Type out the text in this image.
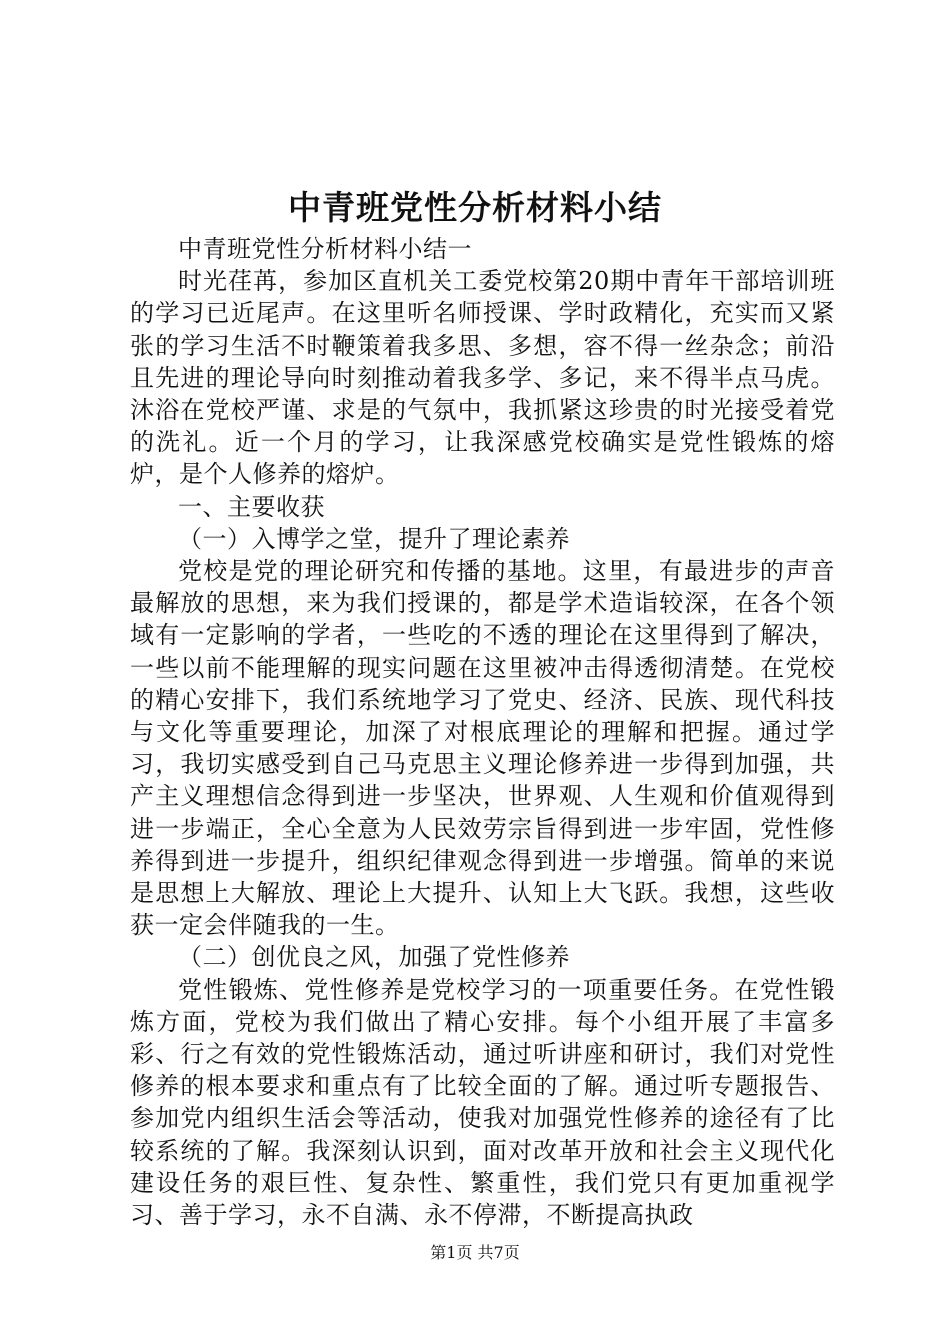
中青班党性分析材料小结

中青班党性分析材料小结一

时光荏苒，参加区直机关工委党校第20期中青年干部培训班的学习已近尾声。在这里听名师授课、学时政精化，充实而又紧张的学习生活不时鞭策着我多思、多想，容不得一丝杂念；前沿且先进的理论导向时刻推动着我多学、多记，来不得半点马虎。沐浴在党校严谨、求是的气氛中，我抓紧这珍贵的时光接受着党的洗礼。近一个月的学习，让我深感党校确实是党性锻炼的熔炉，是个人修养的熔炉。

一、主要收获

（一）入博学之堂，提升了理论素养

党校是党的理论研究和传播的基地。这里，有最进步的声音最解放的思想，来为我们授课的，都是学术造诣较深，在各个领域有一定影响的学者，一些吃的不透的理论在这里得到了解决，一些以前不能理解的现实问题在这里被冲击得透彻清楚。在党校的精心安排下，我们系统地学习了党史、经济、民族、现代科技与文化等重要理论，加深了对根底理论的理解和把握。通过学习，我切实感受到自己马克思主义理论修养进一步得到加强，共产主义理想信念得到进一步坚决，世界观、人生观和价值观得到进一步端正，全心全意为人民效劳宗旨得到进一步牢固，党性修养得到进一步提升，组织纪律观念得到进一步增强。简单的来说是思想上大解放、理论上大提升、认知上大飞跃。我想，这些收获一定会伴随我的一生。

（二）创优良之风，加强了党性修养

党性锻炼、党性修养是党校学习的一项重要任务。在党性锻炼方面，党校为我们做出了精心安排。每个小组开展了丰富多彩、行之有效的党性锻炼活动，通过听讲座和研讨，我们对党性修养的根本要求和重点有了比较全面的了解。通过听专题报告、参加党内组织生活会等活动，使我对加强党性修养的途径有了比较系统的了解。我深刻认识到，面对改革开放和社会主义现代化建设任务的艰巨性、复杂性、繁重性，我们党只有更加重视学习、善于学习，永不自满、永不停滞，不断提高执政

第1页 共7页
